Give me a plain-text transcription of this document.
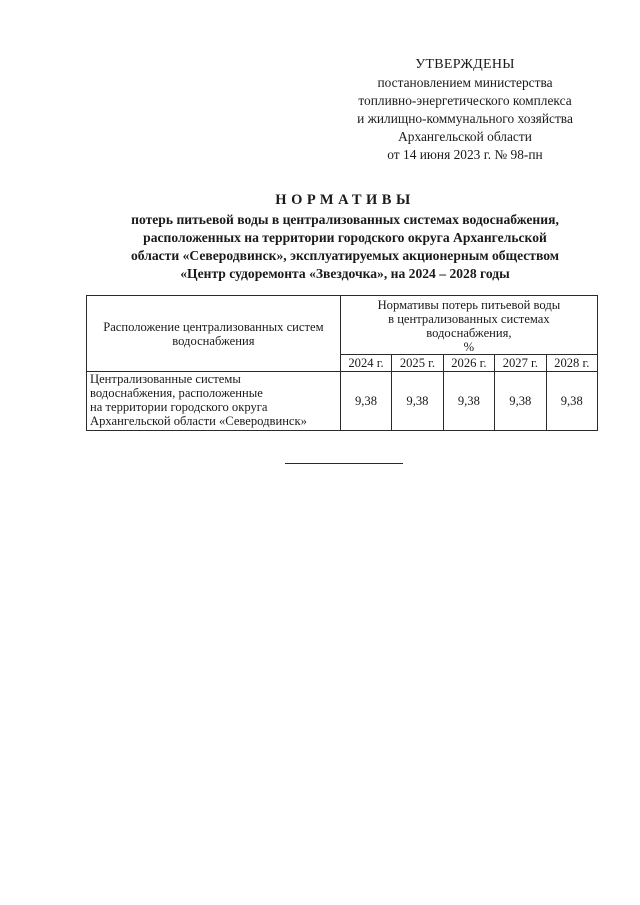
УТВЕРЖДЕНЫ
постановлением министерства
топливно-энергетического комплекса
и жилищно-коммунального хозяйства
Архангельской области
от 14 июня 2023 г. № 98-пн
НОРМАТИВЫ
потерь питьевой воды в централизованных системах водоснабжения,
расположенных на территории городского округа Архангельской
области «Северодвинск», эксплуатируемых акционерным обществом
«Центр судоремонта «Звездочка», на 2024 – 2028 годы
Расположение централизованных систем
водоснабжения	Нормативы потерь питьевой воды
в централизованных системах
водоснабжения,
%				

	2024 г.	2025 г.	2026 г.	2027 г.	2028 г.

Централизованные системы
водоснабжения, расположенные
на территории городского округа
Архангельской области «Северодвинск»	9,38	9,38	9,38	9,38	9,38
